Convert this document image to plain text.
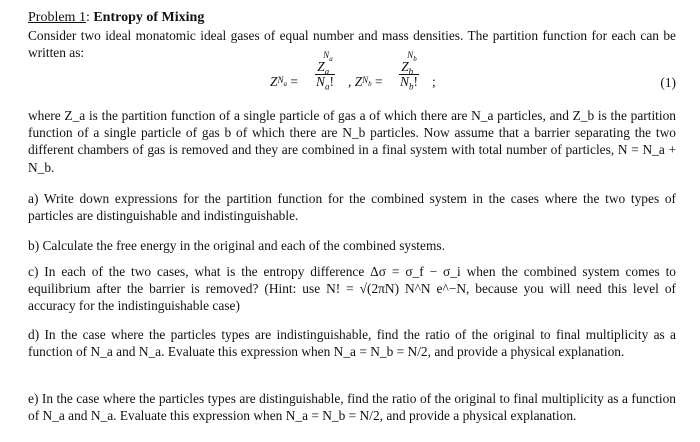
Problem 1: Entropy of Mixing
Consider two ideal monatomic ideal gases of equal number and mass densities. The partition function for each can be written as:
Z $N_a$ =
$Z_a^{N_a}$
$N_a$! , Z $N_b$ =
$Z_b^{N_b}$
$N_b$! ;	(1)
where Z_a is the partition function of a single particle of gas a of which there are N_a particles, and Z_b is the partition function of a single particle of gas b of which there are N_b particles. Now assume that a barrier separating the two different chambers of gas is removed and they are combined in a final system with total number of particles, N = N_a + N_b.
a) Write down expressions for the partition function for the combined system in the cases where the two types of particles are distinguishable and indistinguishable.
b) Calculate the free energy in the original and each of the combined systems.
c) In each of the two cases, what is the entropy difference Δσ = σ_f − σ_i when the combined system comes to equilibrium after the barrier is removed? (Hint: use N! = √(2πN) N^N e^−N, because you will need this level of accuracy for the indistinguishable case)
d) In the case where the particles types are indistinguishable, find the ratio of the original to final multiplicity as a function of N_a and N_a. Evaluate this expression when N_a = N_b = N/2, and provide a physical explanation.
e) In the case where the particles types are distinguishable, find the ratio of the original to final multiplicity as a function of N_a and N_a. Evaluate this expression when N_a = N_b = N/2, and provide a physical explanation.
